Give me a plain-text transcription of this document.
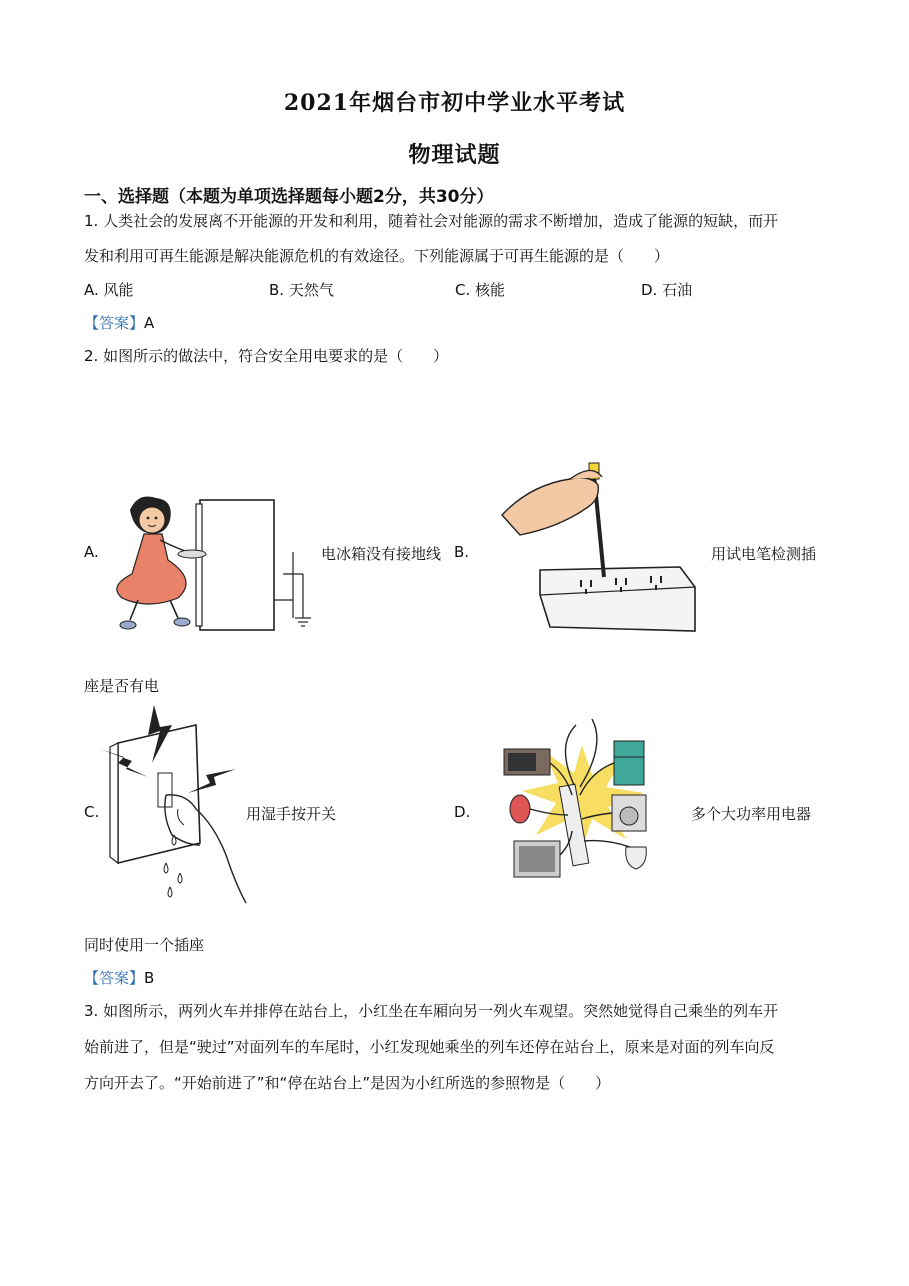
2021年烟台市初中学业水平考试
物理试题
一、选择题（本题为单项选择题每小题2分，共30分）
1. 人类社会的发展离不开能源的开发和利用，随着社会对能源的需求不断增加，造成了能源的短缺，而开
发和利用可再生能源是解决能源危机的有效途径。下列能源属于可再生能源的是（　　）
A. 风能	B. 天然气	C. 核能	D. 石油
【答案】A
2. 如图所示的做法中，符合安全用电要求的是（　　）
A.	电冰箱没有接地线 B.	用试电笔检测插
座是否有电
C.	用湿手按开关	D.	多个大功率用电器
同时使用一个插座
【答案】B
3. 如图所示，两列火车并排停在站台上，小红坐在车厢向另一列火车观望。突然她觉得自己乘坐的列车开
始前进了，但是“驶过”对面列车的车尾时，小红发现她乘坐的列车还停在站台上，原来是对面的列车向反
方向开去了。“开始前进了”和“停在站台上”是因为小红所选的参照物是（　　）
